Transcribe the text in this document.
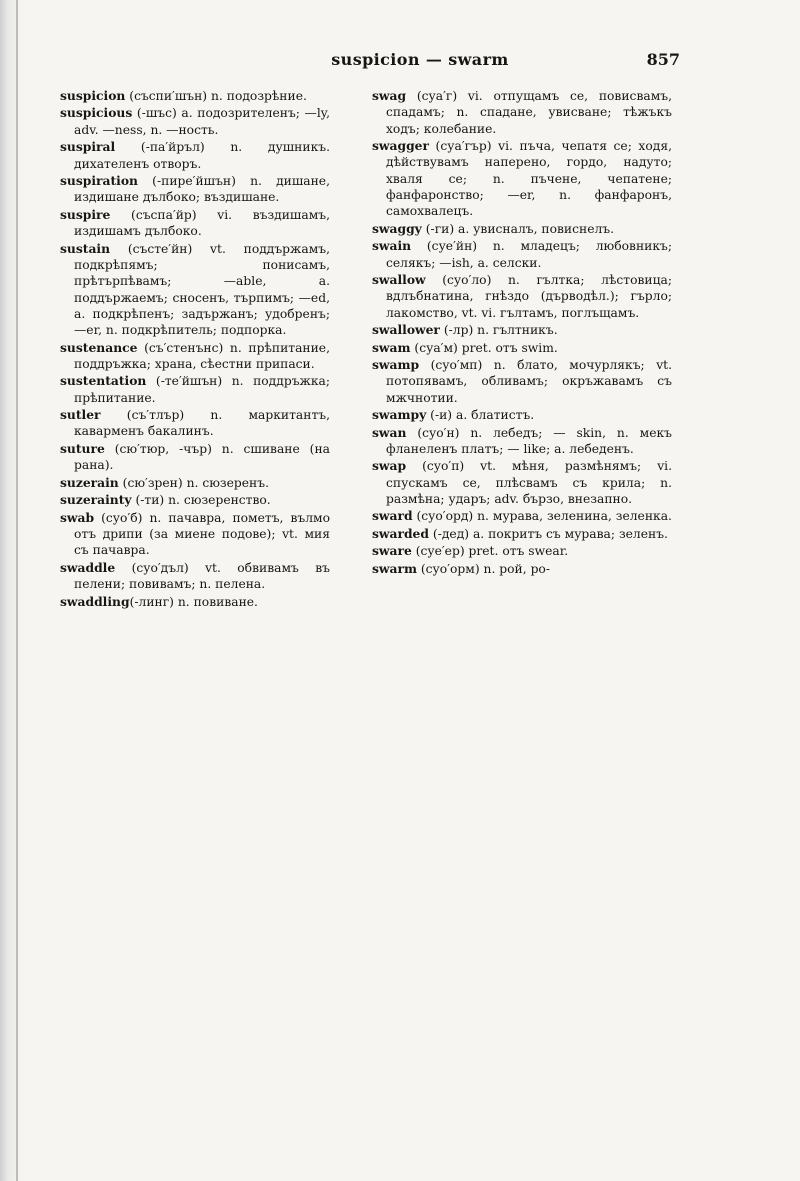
suspicion — swarm	857

suspicion (съспи′шън) n. подозрѣние.

suspicious (-шъс) a. подозрителенъ; —ly, adv. —ness, n. —ность.

suspiral (-па′йръл) n. душникъ. дихателенъ отворъ.

suspiration (-пире′йшън) n. дишане, издишане дълбоко; въздишане.

suspire (съспа′йр) vi. въздишамъ, издишамъ дълбоко.

sustain (състе′йн) vt. поддържамъ, подкрѣпямъ; понисамъ, прѣтърпѣвамъ; —able, a. поддържаемъ; сносенъ, търпимъ; —ed, a. подкрѣпенъ; задържанъ; удобренъ; —er, n. подкрѣпитель; подпорка.

sustenance (съ′стенънс) n. прѣпитание, поддръжка; храна, сѣестни припаси.

sustentation (-те′йшън) n. поддръжка; прѣпитание.

sutler (съ′тлър) n. маркитантъ, каварменъ бакалинъ.

suture (сю′тюр, -чър) n. сшиване (на рана).

suzerain (сю′зрен) n. сюзеренъ.

suzerainty (-ти) n. сюзеренство.

swab (суо′б) n. пачавра, пометъ, вълмо отъ дрипи (за миене подове); vt. мия съ пачавра.

swaddle (суо′дъл) vt. обвивамъ въ пелени; повивамъ; n. пелена.

swaddling(-линг) n. повиване.

swag (суа′г) vi. отпущамъ се, повисвамъ, спадамъ; n. спадане, увисване; тѣжъкъ ходъ; колебание.

swagger (суа′гър) vi. пъча, чепатя се; ходя, дѣйствувамъ наперено, гордо, надуто; хваля се; n. пъчене, чепатене; фанфаронство; —er, n. фанфаронъ, самохвалецъ.

swaggy (-ги) a. увисналъ, повиснелъ.

swain (суе′йн) n. младецъ; любовникъ; селякъ; —ish, a. селски.

swallow (суо′ло) n. гълтка; лѣстовица; вдлъбнатина, гнѣздо (дърводѣл.); гърло; лакомство, vt. vi. гълтамъ, поглъщамъ.

swallower (-лр) n. гълтникъ.

swam (суа′м) pret. отъ swim.

swamp (суо′мп) n. блато, мочурлякъ; vt. потопявамъ, обливамъ; окръжавамъ съ мжчнотии.

swampy (-и) a. блатистъ.

swan (суо′н) n. лебедъ; — skin, n. мекъ фланеленъ платъ; — like; a. лебеденъ.

swap (суо′п) vt. мѣня, размѣнямъ; vi. спускамъ се, плѣсвамъ съ крила; n. размѣна; ударъ; adv. бързо, внезапно.

sward (суо′орд) n. мурава, зеленина, зеленка.

swarded (-дед) a. покритъ съ мурава; зеленъ.

sware (суе′ер) pret. отъ swear.

swarm (суо′орм) n. рой, ро-
